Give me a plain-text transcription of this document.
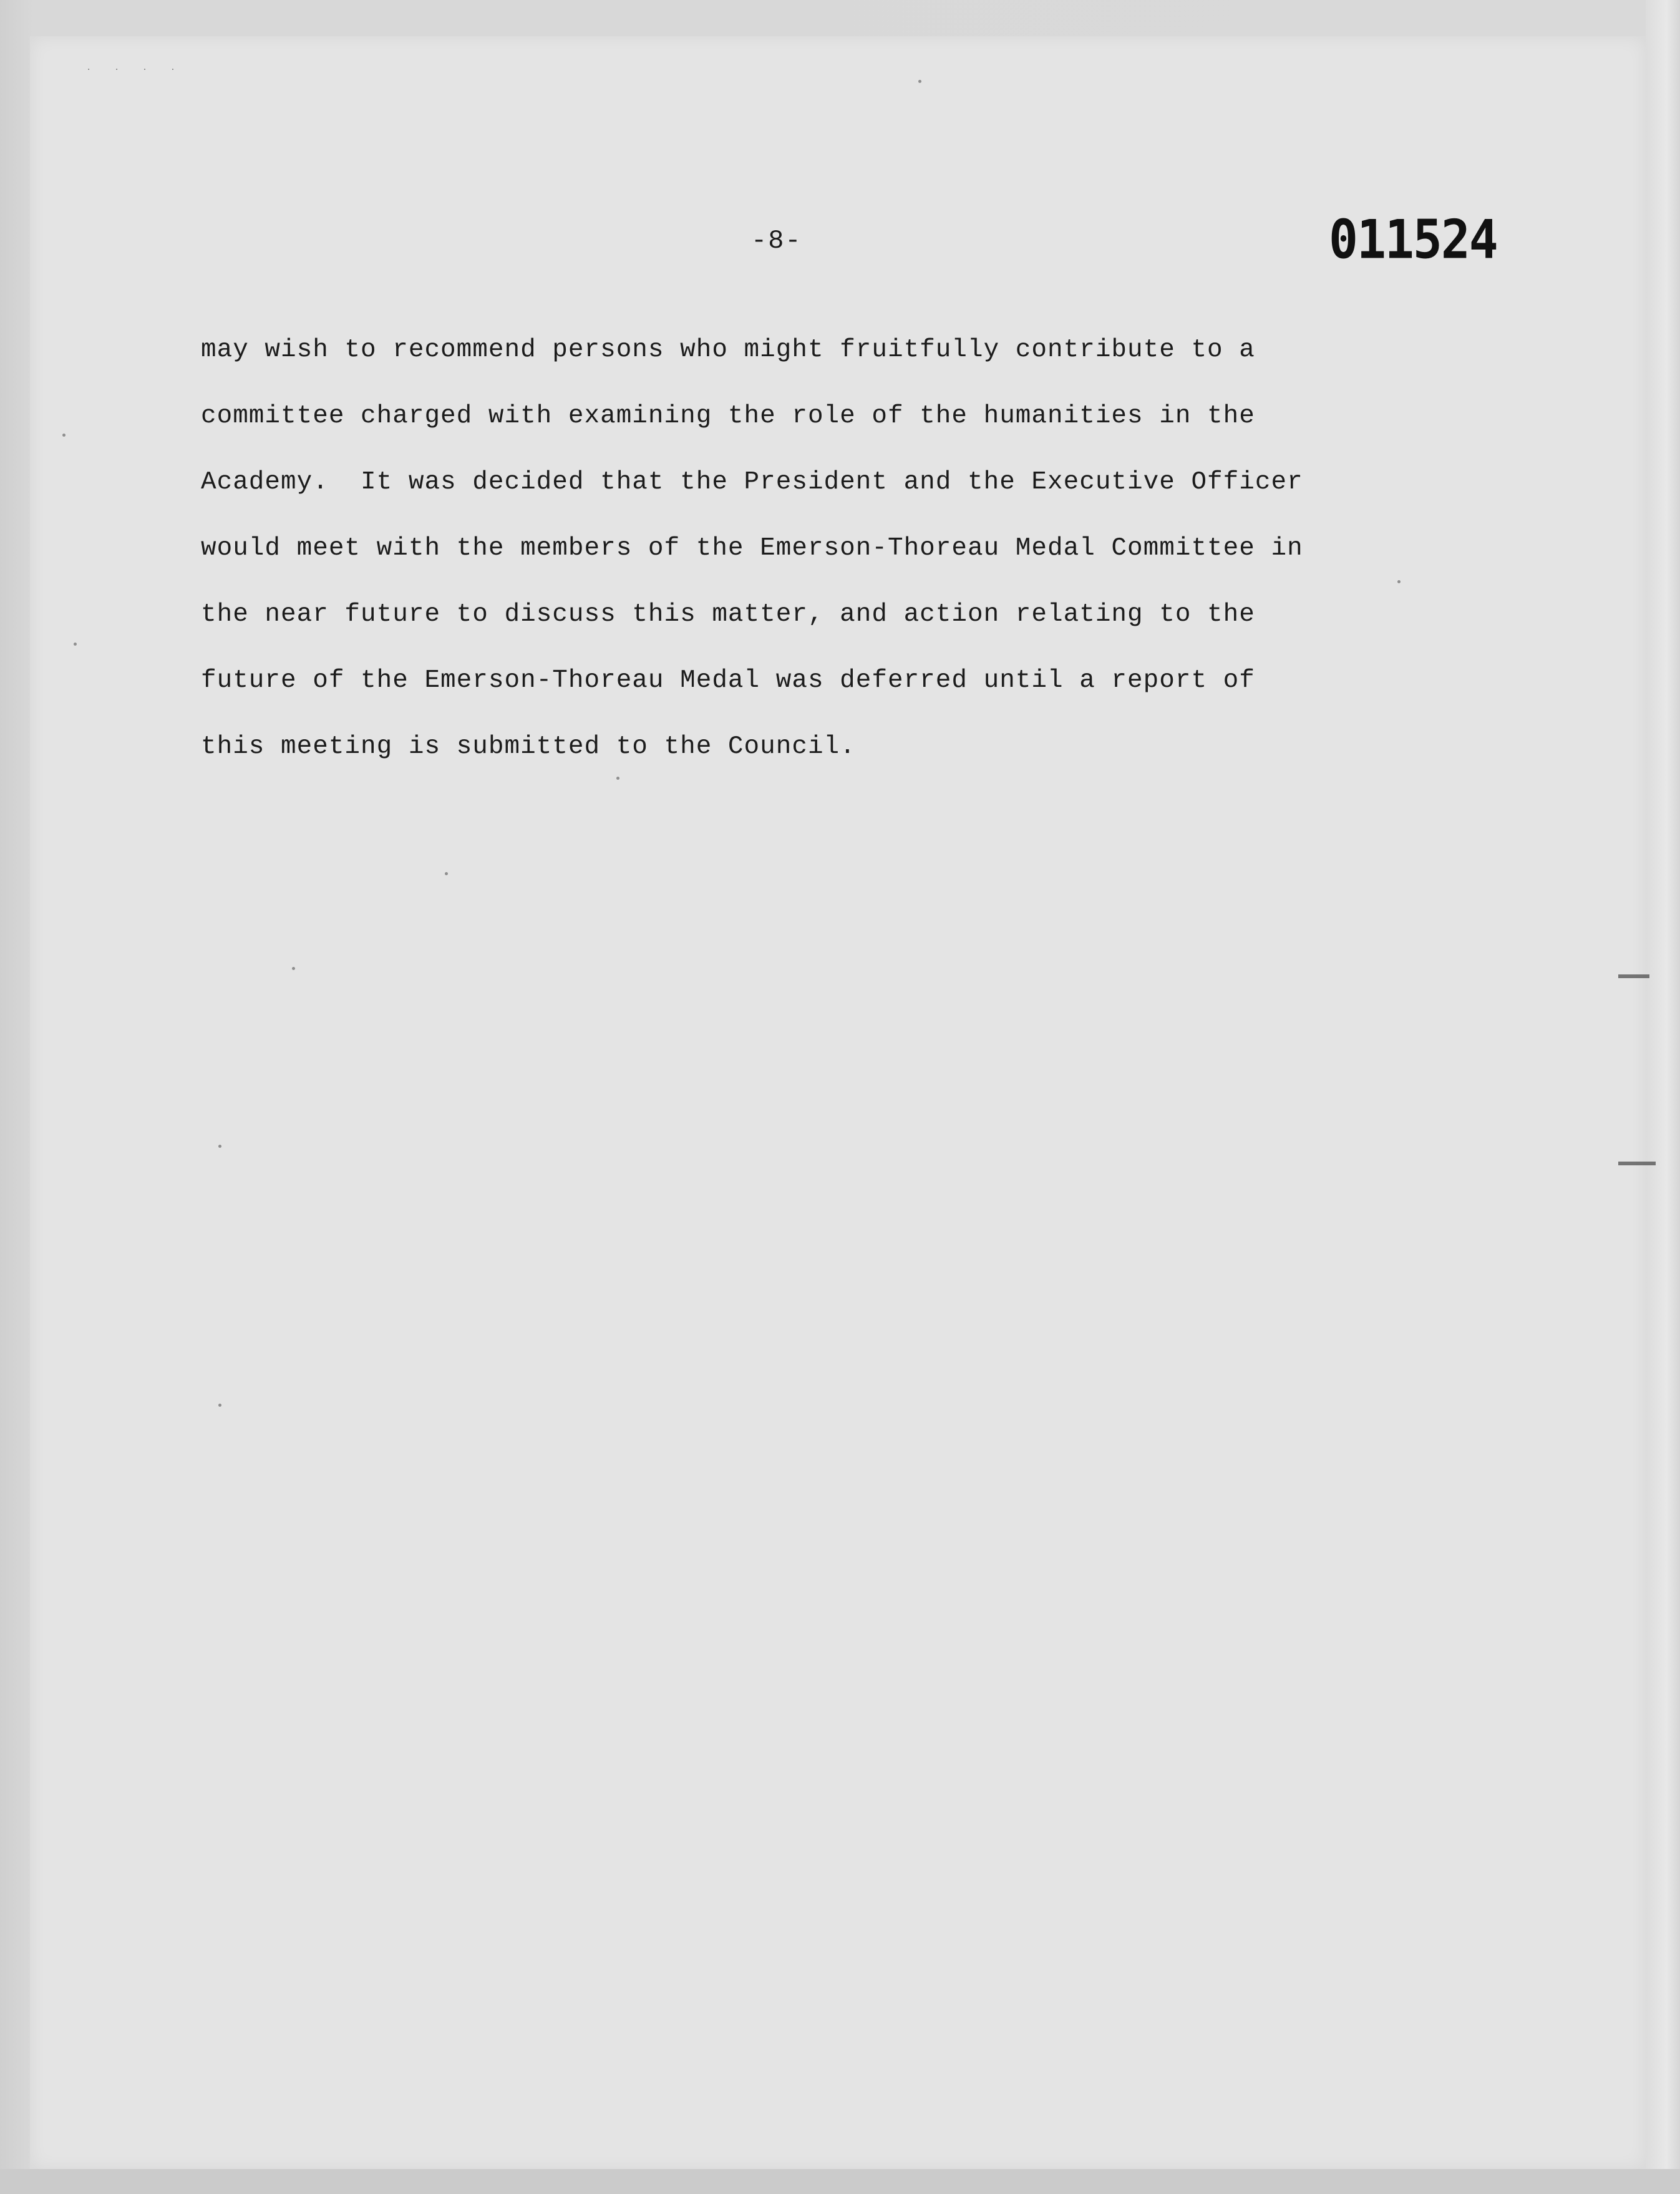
· · · ·
-8-	011524
may wish to recommend persons who might fruitfully contribute to a
committee charged with examining the role of the humanities in the
Academy.  It was decided that the President and the Executive Officer
would meet with the members of the Emerson-Thoreau Medal Committee in
the near future to discuss this matter, and action relating to the
future of the Emerson-Thoreau Medal was deferred until a report of
this meeting is submitted to the Council.
